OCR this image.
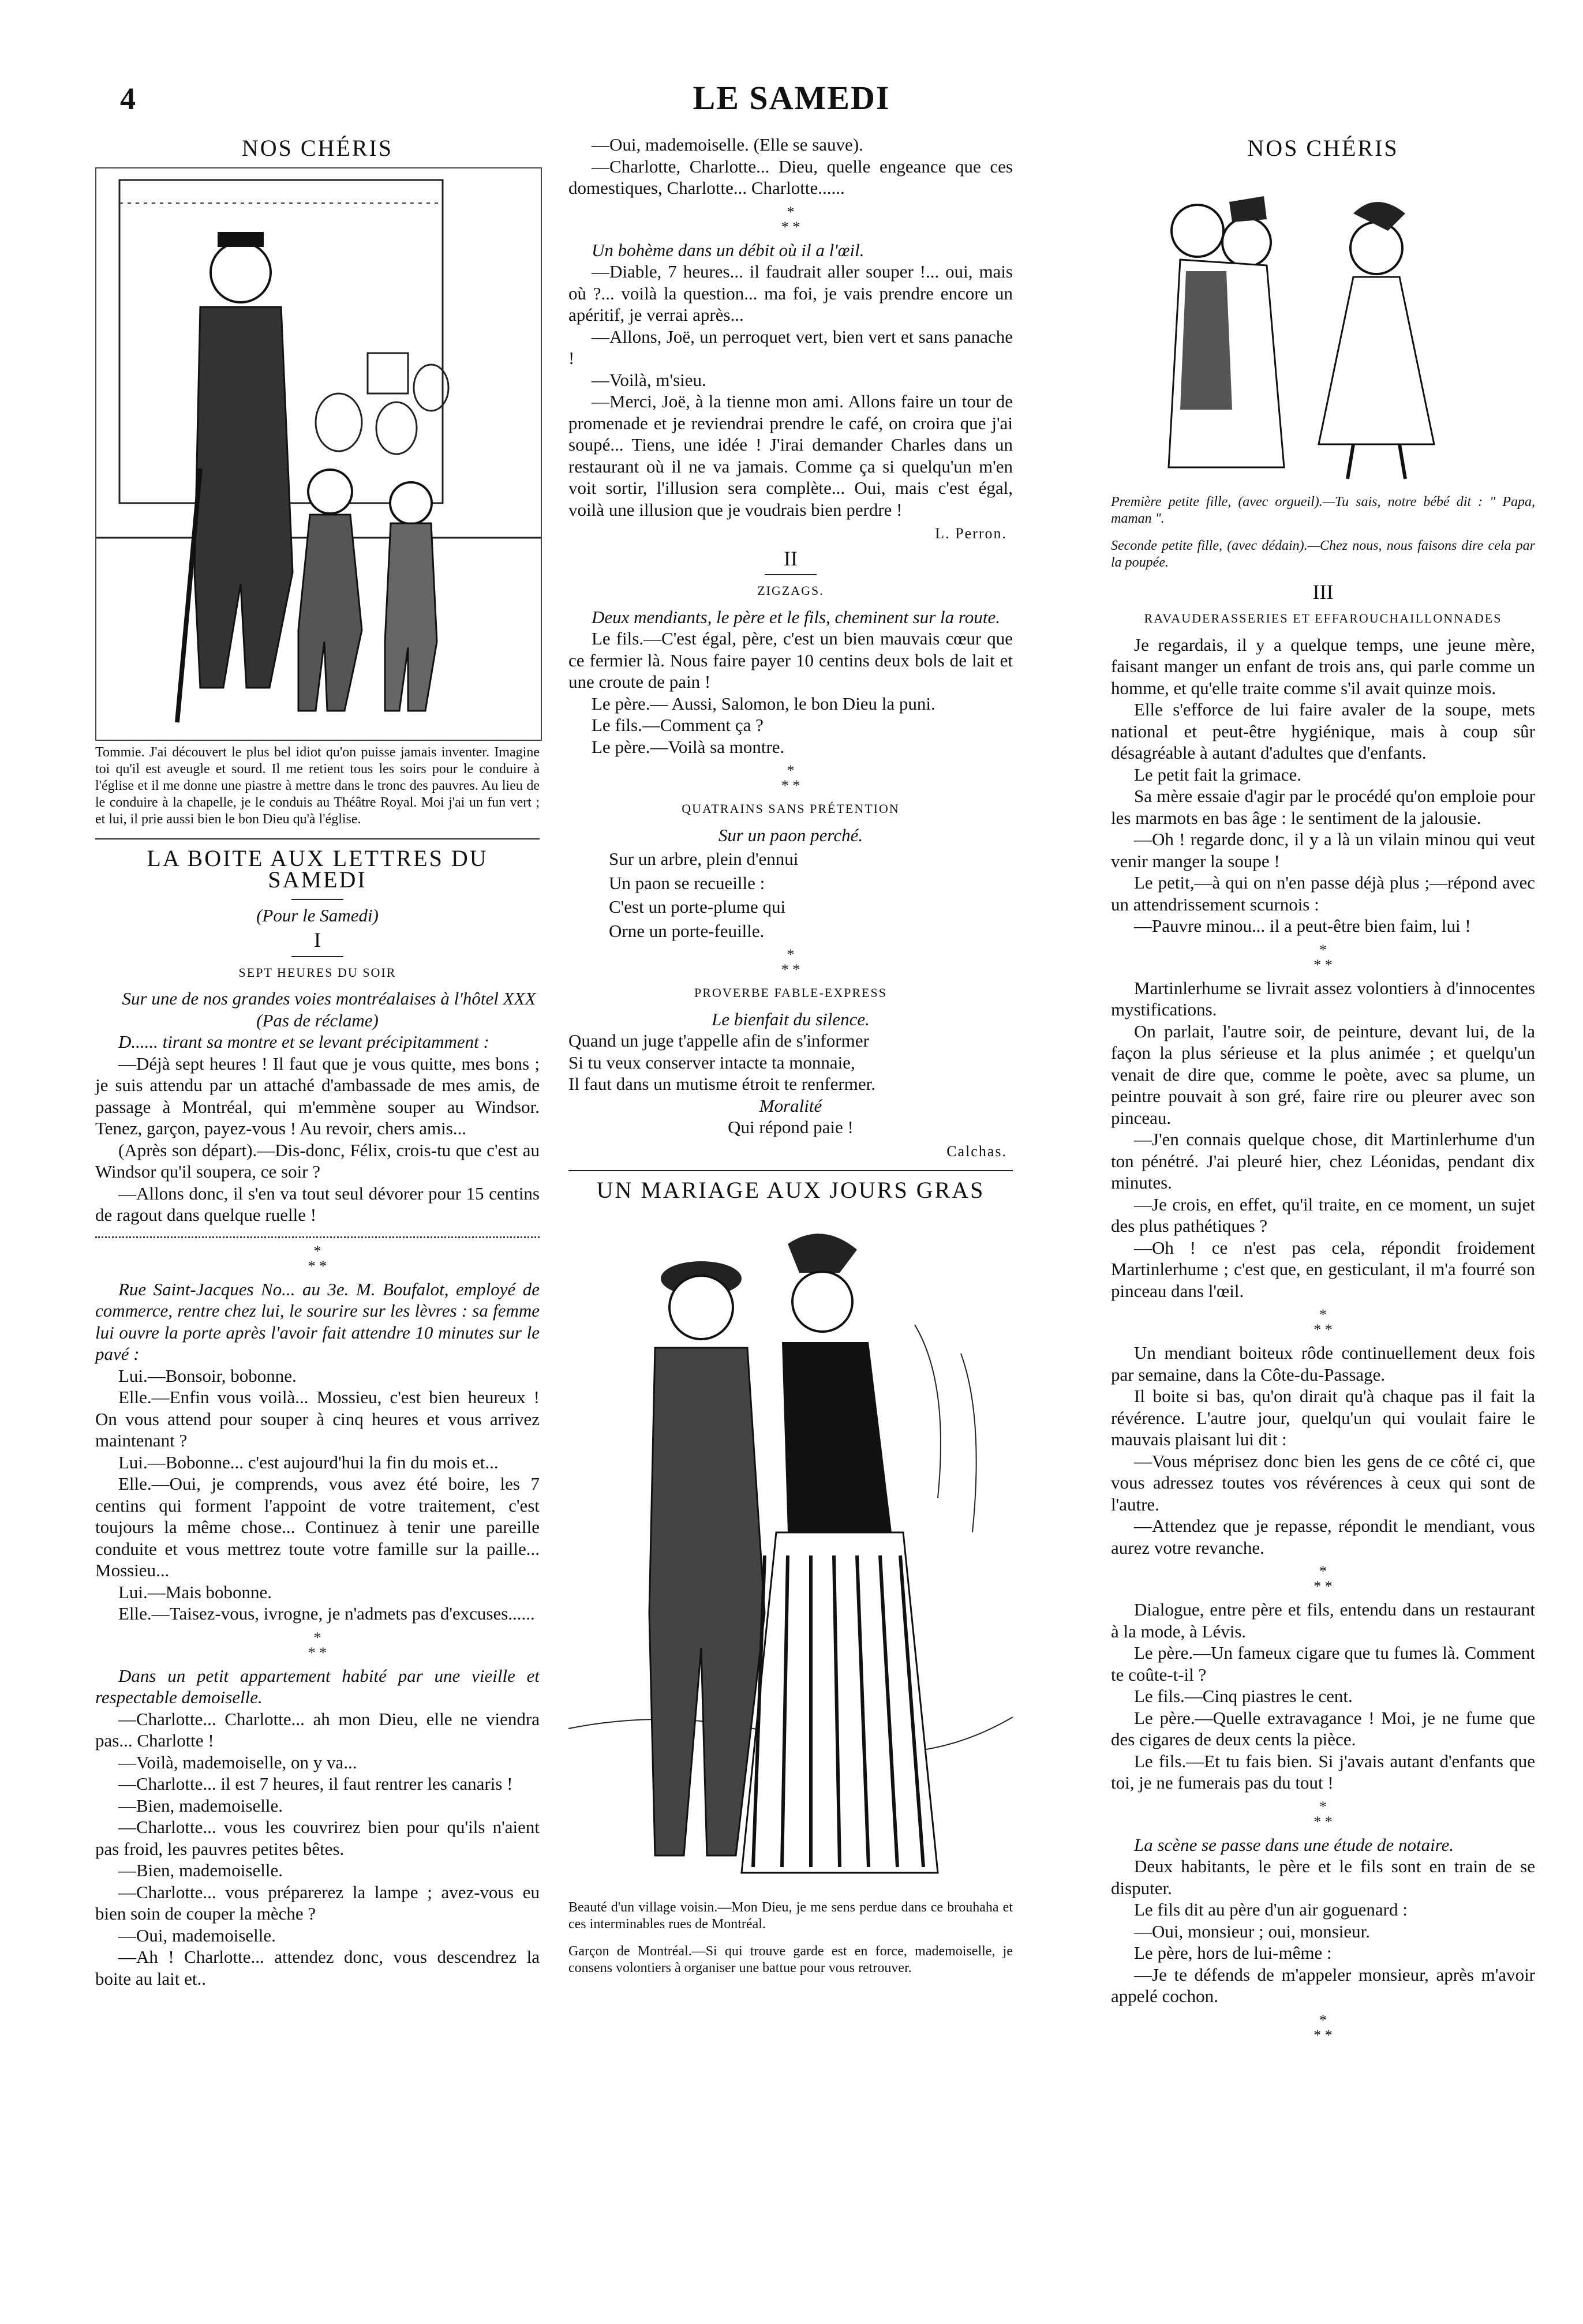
4	LE SAMEDI
NOS CHÉRIS
Tommie. J'ai découvert le plus bel idiot qu'on puisse jamais inventer. Imagine toi qu'il est aveugle et sourd. Il me retient tous les soirs pour le conduire à l'église et il me donne une piastre à mettre dans le tronc des pauvres. Au lieu de le conduire à la chapelle, je le conduis au Théâtre Royal. Moi j'ai un fun vert ; et lui, il prie aussi bien le bon Dieu qu'à l'église.
LA BOITE AUX LETTRES DU SAMEDI
(Pour le Samedi)
I
SEPT HEURES DU SOIR

Sur une de nos grandes voies montréalaises à l'hôtel XXX (Pas de réclame)

D...... tirant sa montre et se levant précipitamment :

—Déjà sept heures ! Il faut que je vous quitte, mes bons ; je suis attendu par un attaché d'ambassade de mes amis, de passage à Montréal, qui m'emmène souper au Windsor. Tenez, garçon, payez-vous ! Au revoir, chers amis...

(Après son départ).—Dis-donc, Félix, crois-tu que c'est au Windsor qu'il soupera, ce soir ?

—Allons donc, il s'en va tout seul dévorer pour 15 centins de ragout dans quelque ruelle !

*
* *

Rue Saint-Jacques No... au 3e. M. Boufalot, employé de commerce, rentre chez lui, le sourire sur les lèvres : sa femme lui ouvre la porte après l'avoir fait attendre 10 minutes sur le pavé :

Lui.—Bonsoir, bobonne.

Elle.—Enfin vous voilà... Mossieu, c'est bien heureux ! On vous attend pour souper à cinq heures et vous arrivez maintenant ?

Lui.—Bobonne... c'est aujourd'hui la fin du mois et...

Elle.—Oui, je comprends, vous avez été boire, les 7 centins qui forment l'appoint de votre traitement, c'est toujours la même chose... Continuez à tenir une pareille conduite et vous mettrez toute votre famille sur la paille... Mossieu...

Lui.—Mais bobonne.

Elle.—Taisez-vous, ivrogne, je n'admets pas d'excuses......

*
* *

Dans un petit appartement habité par une vieille et respectable demoiselle.

—Charlotte... Charlotte... ah mon Dieu, elle ne viendra pas... Charlotte !

—Voilà, mademoiselle, on y va...

—Charlotte... il est 7 heures, il faut rentrer les canaris !

—Bien, mademoiselle.

—Charlotte... vous les couvrirez bien pour qu'ils n'aient pas froid, les pauvres petites bêtes.

—Bien, mademoiselle.

—Charlotte... vous préparerez la lampe ; avez-vous eu bien soin de couper la mèche ?

—Oui, mademoiselle.

—Ah ! Charlotte... attendez donc, vous descendrez la boite au lait et..

—Oui, mademoiselle. (Elle se sauve).

—Charlotte, Charlotte... Dieu, quelle engeance que ces domestiques, Charlotte... Charlotte......

*
* *

Un bohème dans un débit où il a l'œil.

—Diable, 7 heures... il faudrait aller souper !... oui, mais où ?... voilà la question... ma foi, je vais prendre encore un apéritif, je verrai après...

—Allons, Joë, un perroquet vert, bien vert et sans panache !

—Voilà, m'sieu.

—Merci, Joë, à la tienne mon ami. Allons faire un tour de promenade et je reviendrai prendre le café, on croira que j'ai soupé... Tiens, une idée ! J'irai demander Charles dans un restaurant où il ne va jamais. Comme ça si quelqu'un m'en voit sortir, l'illusion sera complète... Oui, mais c'est égal, voilà une illusion que je voudrais bien perdre !

L. Perron.
II
ZIGZAGS.

Deux mendiants, le père et le fils, cheminent sur la route.

Le fils.—C'est égal, père, c'est un bien mauvais cœur que ce fermier là. Nous faire payer 10 centins deux bols de lait et une croute de pain !

Le père.— Aussi, Salomon, le bon Dieu la puni.

Le fils.—Comment ça ?

Le père.—Voilà sa montre.

*
* *
QUATRAINS SANS PRÉTENTION
Sur un paon perché.
Sur un arbre, plein d'ennui
Un paon se recueille :
C'est un porte-plume qui
Orne un porte-feuille.
*
* *
PROVERBE FABLE-EXPRESS
Le bienfait du silence.
Quand un juge t'appelle afin de s'informer
Si tu veux conserver intacte ta monnaie,
Il faut dans un mutisme étroit te renfermer.
Moralité
Qui répond paie !
Calchas.
UN MARIAGE AUX JOURS GRAS
Beauté d'un village voisin.—Mon Dieu, je me sens perdue dans ce brouhaha et ces interminables rues de Montréal.
Garçon de Montréal.—Si qui trouve garde est en force, mademoiselle, je consens volontiers à organiser une battue pour vous retrouver.
NOS CHÉRIS
Première petite fille, (avec orgueil).—Tu sais, notre bébé dit : " Papa, maman ".
Seconde petite fille, (avec dédain).—Chez nous, nous faisons dire cela par la poupée.
III
RAVAUDERASSERIES ET EFFAROUCHAILLONNADES

Je regardais, il y a quelque temps, une jeune mère, faisant manger un enfant de trois ans, qui parle comme un homme, et qu'elle traite comme s'il avait quinze mois.

Elle s'efforce de lui faire avaler de la soupe, mets national et peut-être hygiénique, mais à coup sûr désagréable à autant d'adultes que d'enfants.

Le petit fait la grimace.

Sa mère essaie d'agir par le procédé qu'on emploie pour les marmots en bas âge : le sentiment de la jalousie.

—Oh ! regarde donc, il y a là un vilain minou qui veut venir manger la soupe !

Le petit,—à qui on n'en passe déjà plus ;—répond avec un attendrissement scurnois :

—Pauvre minou... il a peut-être bien faim, lui !

*
* *

Martinlerhume se livrait assez volontiers à d'innocentes mystifications.

On parlait, l'autre soir, de peinture, devant lui, de la façon la plus sérieuse et la plus animée ; et quelqu'un venait de dire que, comme le poète, avec sa plume, un peintre pouvait à son gré, faire rire ou pleurer avec son pinceau.

—J'en connais quelque chose, dit Martinlerhume d'un ton pénétré. J'ai pleuré hier, chez Léonidas, pendant dix minutes.

—Je crois, en effet, qu'il traite, en ce moment, un sujet des plus pathétiques ?

—Oh ! ce n'est pas cela, répondit froidement Martinlerhume ; c'est que, en gesticulant, il m'a fourré son pinceau dans l'œil.

*
* *

Un mendiant boiteux rôde continuellement deux fois par semaine, dans la Côte-du-Passage.

Il boite si bas, qu'on dirait qu'à chaque pas il fait la révérence. L'autre jour, quelqu'un qui voulait faire le mauvais plaisant lui dit :

—Vous méprisez donc bien les gens de ce côté ci, que vous adressez toutes vos révérences à ceux qui sont de l'autre.

—Attendez que je repasse, répondit le mendiant, vous aurez votre revanche.

*
* *

Dialogue, entre père et fils, entendu dans un restaurant à la mode, à Lévis.

Le père.—Un fameux cigare que tu fumes là. Comment te coûte-t-il ?

Le fils.—Cinq piastres le cent.

Le père.—Quelle extravagance ! Moi, je ne fume que des cigares de deux cents la pièce.

Le fils.—Et tu fais bien. Si j'avais autant d'enfants que toi, je ne fumerais pas du tout !

*
* *

La scène se passe dans une étude de notaire.

Deux habitants, le père et le fils sont en train de se disputer.

Le fils dit au père d'un air goguenard :

—Oui, monsieur ; oui, monsieur.

Le père, hors de lui-même :

—Je te défends de m'appeler monsieur, après m'avoir appelé cochon.

*
* *
